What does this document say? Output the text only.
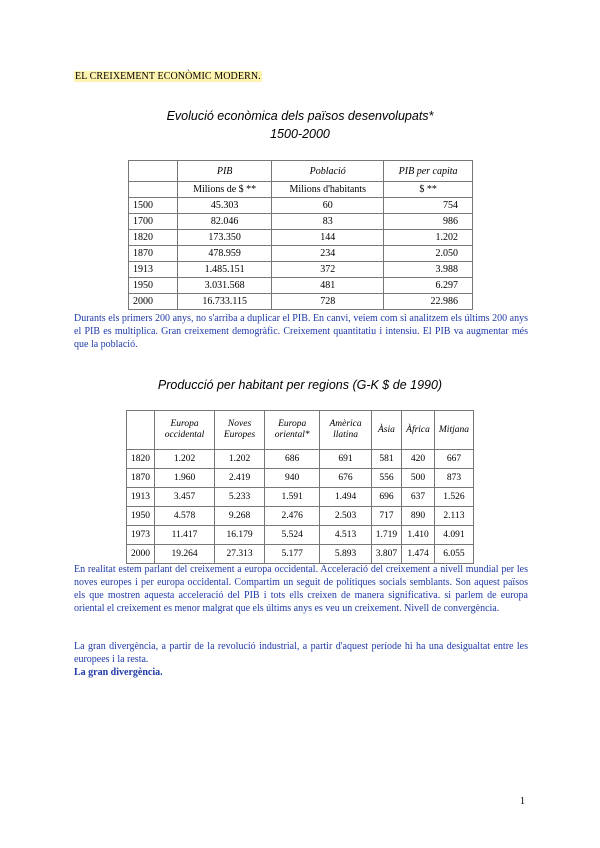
EL CREIXEMENT ECONÒMIC MODERN.
Evolució econòmica dels països desenvolupats*
1500-2000
	PIB	Població	PIB per capita
	Milions de $ **	Milions d'habitants	$ **
1500	45.303	60	754
1700	82.046	83	986
1820	173.350	144	1.202
1870	478.959	234	2.050
1913	1.485.151	372	3.988
1950	3.031.568	481	6.297
2000	16.733.115	728	22.986
Durants els primers 200 anys, no s'arriba a duplicar el PIB. En canvi, veiem com si analitzem els últims 200 anys el PIB es multiplica. Gran creixement demogràfic. Creixement quantitatiu i intensiu. El PIB va augmentar més que la població.
Producció per habitant per regions (G-K $ de 1990)
	Europa occidental	Noves Europes	Europa oriental*	Amèrica llatina	Àsia	Àfrica	Mitjana
1820	1.202	1.202	686	691	581	420	667
1870	1.960	2.419	940	676	556	500	873
1913	3.457	5.233	1.591	1.494	696	637	1.526
1950	4.578	9.268	2.476	2.503	717	890	2.113
1973	11.417	16.179	5.524	4.513	1.719	1.410	4.091
2000	19.264	27.313	5.177	5.893	3.807	1.474	6.055
En realitat estem parlant del creixement a europa occidental. Acceleració del creixement a nivell mundial per les noves europes i per europa occidental. Compartim un seguit de polítiques socials semblants. Son aquest països els que mostren aquesta acceleració del PIB i tots ells creixen de manera significativa. si parlem de europa oriental el creixement es menor malgrat que els últims anys es veu un creixement. Nivell de convergència.
La gran divergència, a partir de la revolució industrial, a partir d'aquest període hi ha una desigualtat entre les europees i la resta.
La gran divergència.
1
